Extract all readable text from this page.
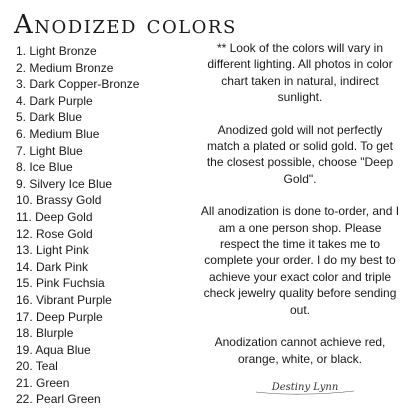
Anodized colors
1. Light Bronze
2. Medium Bronze
3. Dark Copper-Bronze
4. Dark Purple
5. Dark Blue
6. Medium Blue
7. Light Blue
8. Ice Blue
9. Silvery Ice Blue
10. Brassy Gold
11. Deep Gold
12. Rose Gold
13. Light Pink
14. Dark Pink
15. Pink Fuchsia
16. Vibrant Purple
17. Deep Purple
18. Blurple
19. Aqua Blue
20. Teal
21. Green
22. Pearl Green

** Look of the colors will vary in different lighting. All photos in color chart taken in natural, indirect sunlight.

Anodized gold will not perfectly match a plated or solid gold. To get the closest possible, choose "Deep Gold".

All anodization is done to-order, and I am a one person shop. Please respect the time it takes me to complete your order. I do my best to achieve your exact color and triple check jewelry quality before sending out.

Anodization cannot achieve red, orange, white, or black.

Destiny Lynn
